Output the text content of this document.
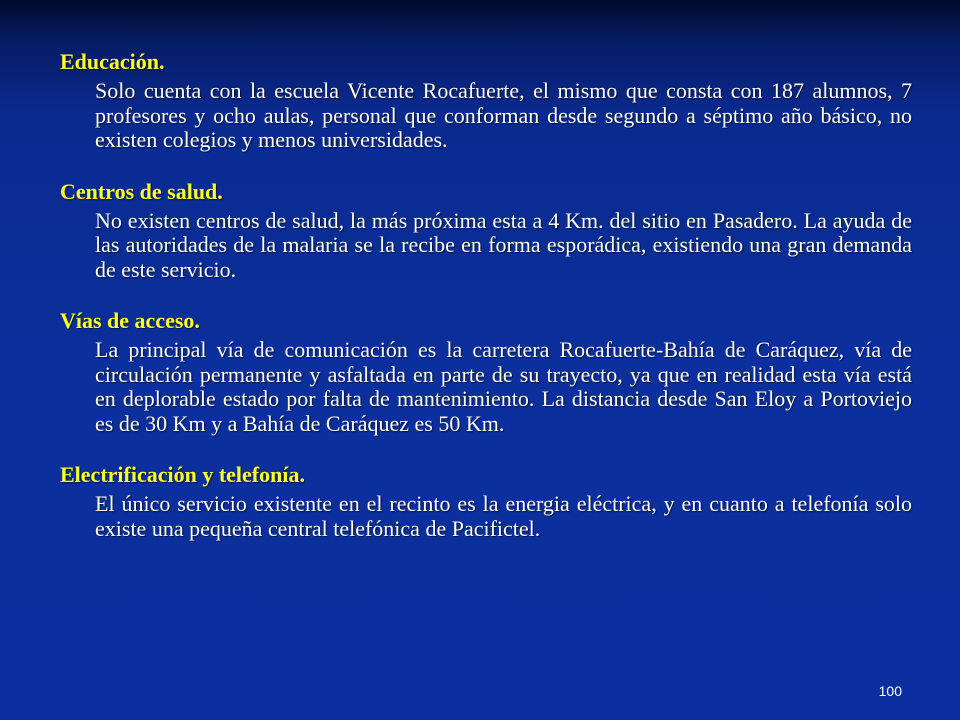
Educación.

Solo cuenta con la escuela Vicente Rocafuerte, el mismo que consta con 187 alumnos, 7 profesores y ocho aulas, personal que conforman desde segundo a séptimo año básico, no existen colegios y menos universidades.

Centros de salud.

No existen centros de salud, la más próxima esta a 4 Km. del sitio en Pasadero. La ayuda de las autoridades de la malaria se la recibe en forma esporádica, existiendo una gran demanda de este servicio.

Vías de acceso.

La principal vía de comunicación es la carretera Rocafuerte-Bahía de Caráquez, vía de circulación permanente y asfaltada en parte de su trayecto, ya que en realidad esta vía está en deplorable estado por falta de mantenimiento. La distancia desde San Eloy a Portoviejo es de 30 Km y a Bahía de Caráquez es 50 Km.

Electrificación y telefonía.

El único servicio existente en el recinto es la energia eléctrica, y en cuanto a telefonía solo existe una pequeña central telefónica de Pacifictel.

100
